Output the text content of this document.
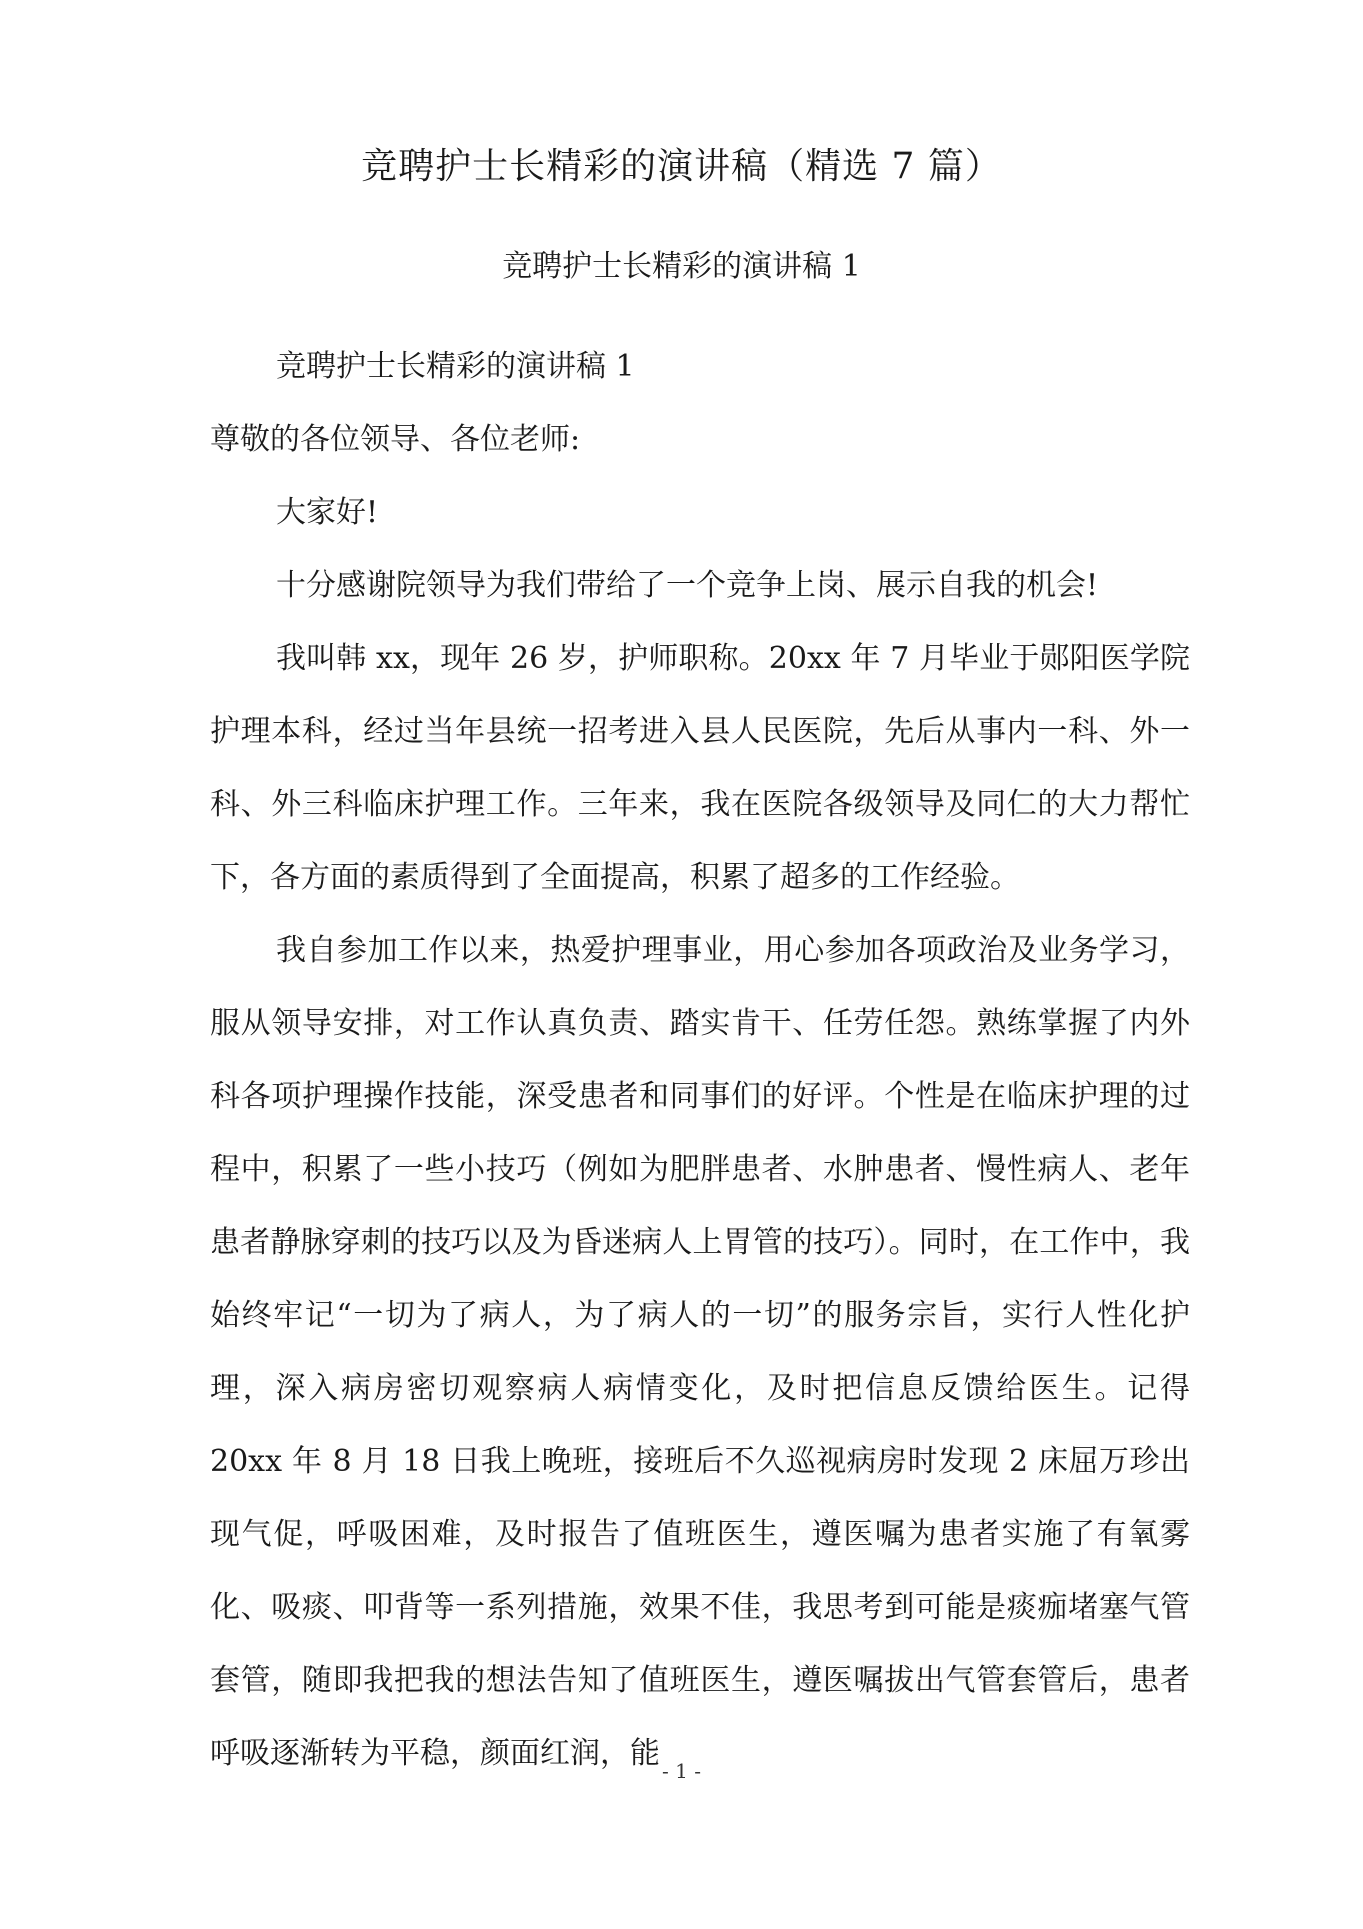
竞聘护士长精彩的演讲稿（精选 7 篇）
竞聘护士长精彩的演讲稿 1

竞聘护士长精彩的演讲稿 1

尊敬的各位领导、各位老师:

大家好!

十分感谢院领导为我们带给了一个竞争上岗、展示自我的机会!

我叫韩 xx，现年 26 岁，护师职称。20xx 年 7 月毕业于郧阳医学院护理本科，经过当年县统一招考进入县人民医院，先后从事内一科、外一科、外三科临床护理工作。三年来，我在医院各级领导及同仁的大力帮忙下，各方面的素质得到了全面提高，积累了超多的工作经验。

我自参加工作以来，热爱护理事业，用心参加各项政治及业务学习，服从领导安排，对工作认真负责、踏实肯干、任劳任怨。熟练掌握了内外科各项护理操作技能，深受患者和同事们的好评。个性是在临床护理的过程中，积累了一些小技巧（例如为肥胖患者、水肿患者、慢性病人、老年患者静脉穿刺的技巧以及为昏迷病人上胃管的技巧）。同时，在工作中，我始终牢记“一切为了病人，为了病人的一切”的服务宗旨，实行人性化护理，深入病房密切观察病人病情变化，及时把信息反馈给医生。记得 20xx 年 8 月 18 日我上晚班，接班后不久巡视病房时发现 2 床屈万珍出现气促，呼吸困难，及时报告了值班医生，遵医嘱为患者实施了有氧雾化、吸痰、叩背等一系列措施，效果不佳，我思考到可能是痰痂堵塞气管套管，随即我把我的想法告知了值班医生，遵医嘱拔出气管套管后，患者呼吸逐渐转为平稳，颜面红润，能 - 1 -
